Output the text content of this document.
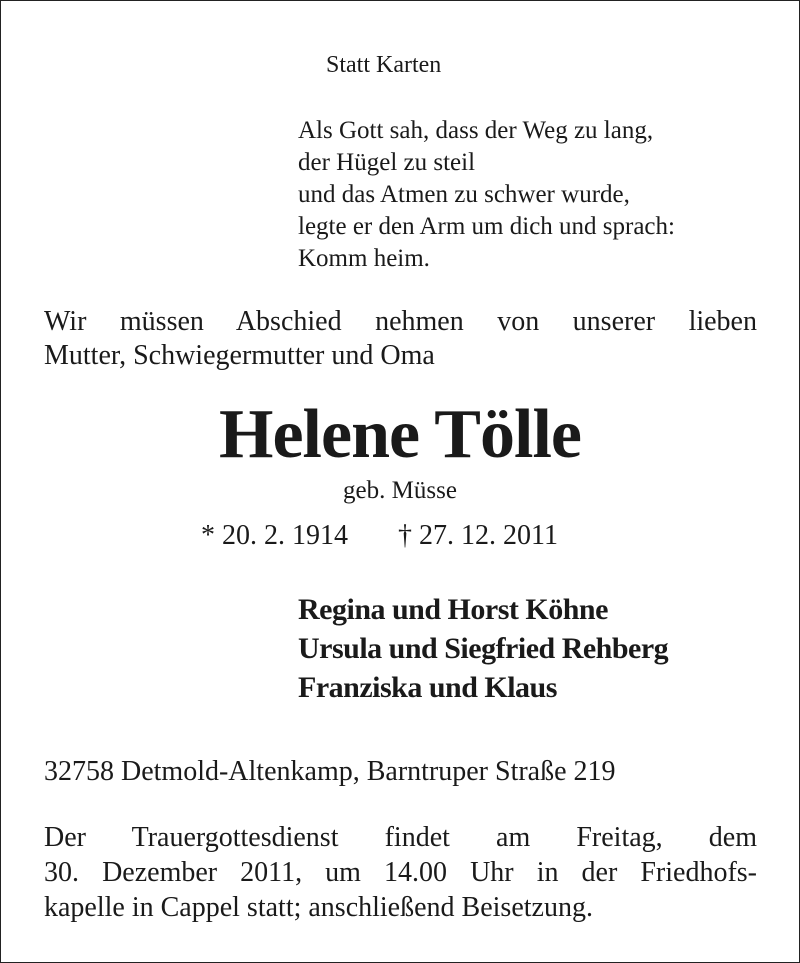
Statt Karten
Als Gott sah, dass der Weg zu lang,
der Hügel zu steil
und das Atmen zu schwer wurde,
legte er den Arm um dich und sprach:
Komm heim.
Wir müssen Abschied nehmen von unserer lieben
Mutter, Schwiegermutter und Oma
Helene Tölle
geb. Müsse
* 20. 2. 1914 † 27. 12. 2011
Regina und Horst Köhne
Ursula und Siegfried Rehberg
Franziska und Klaus
32758 Detmold-Altenkamp, Barntruper Straße 219
Der Trauergottesdienst findet am Freitag, dem
30. Dezember 2011, um 14.00 Uhr in der Friedhofs-
kapelle in Cappel statt; anschließend Beisetzung.
